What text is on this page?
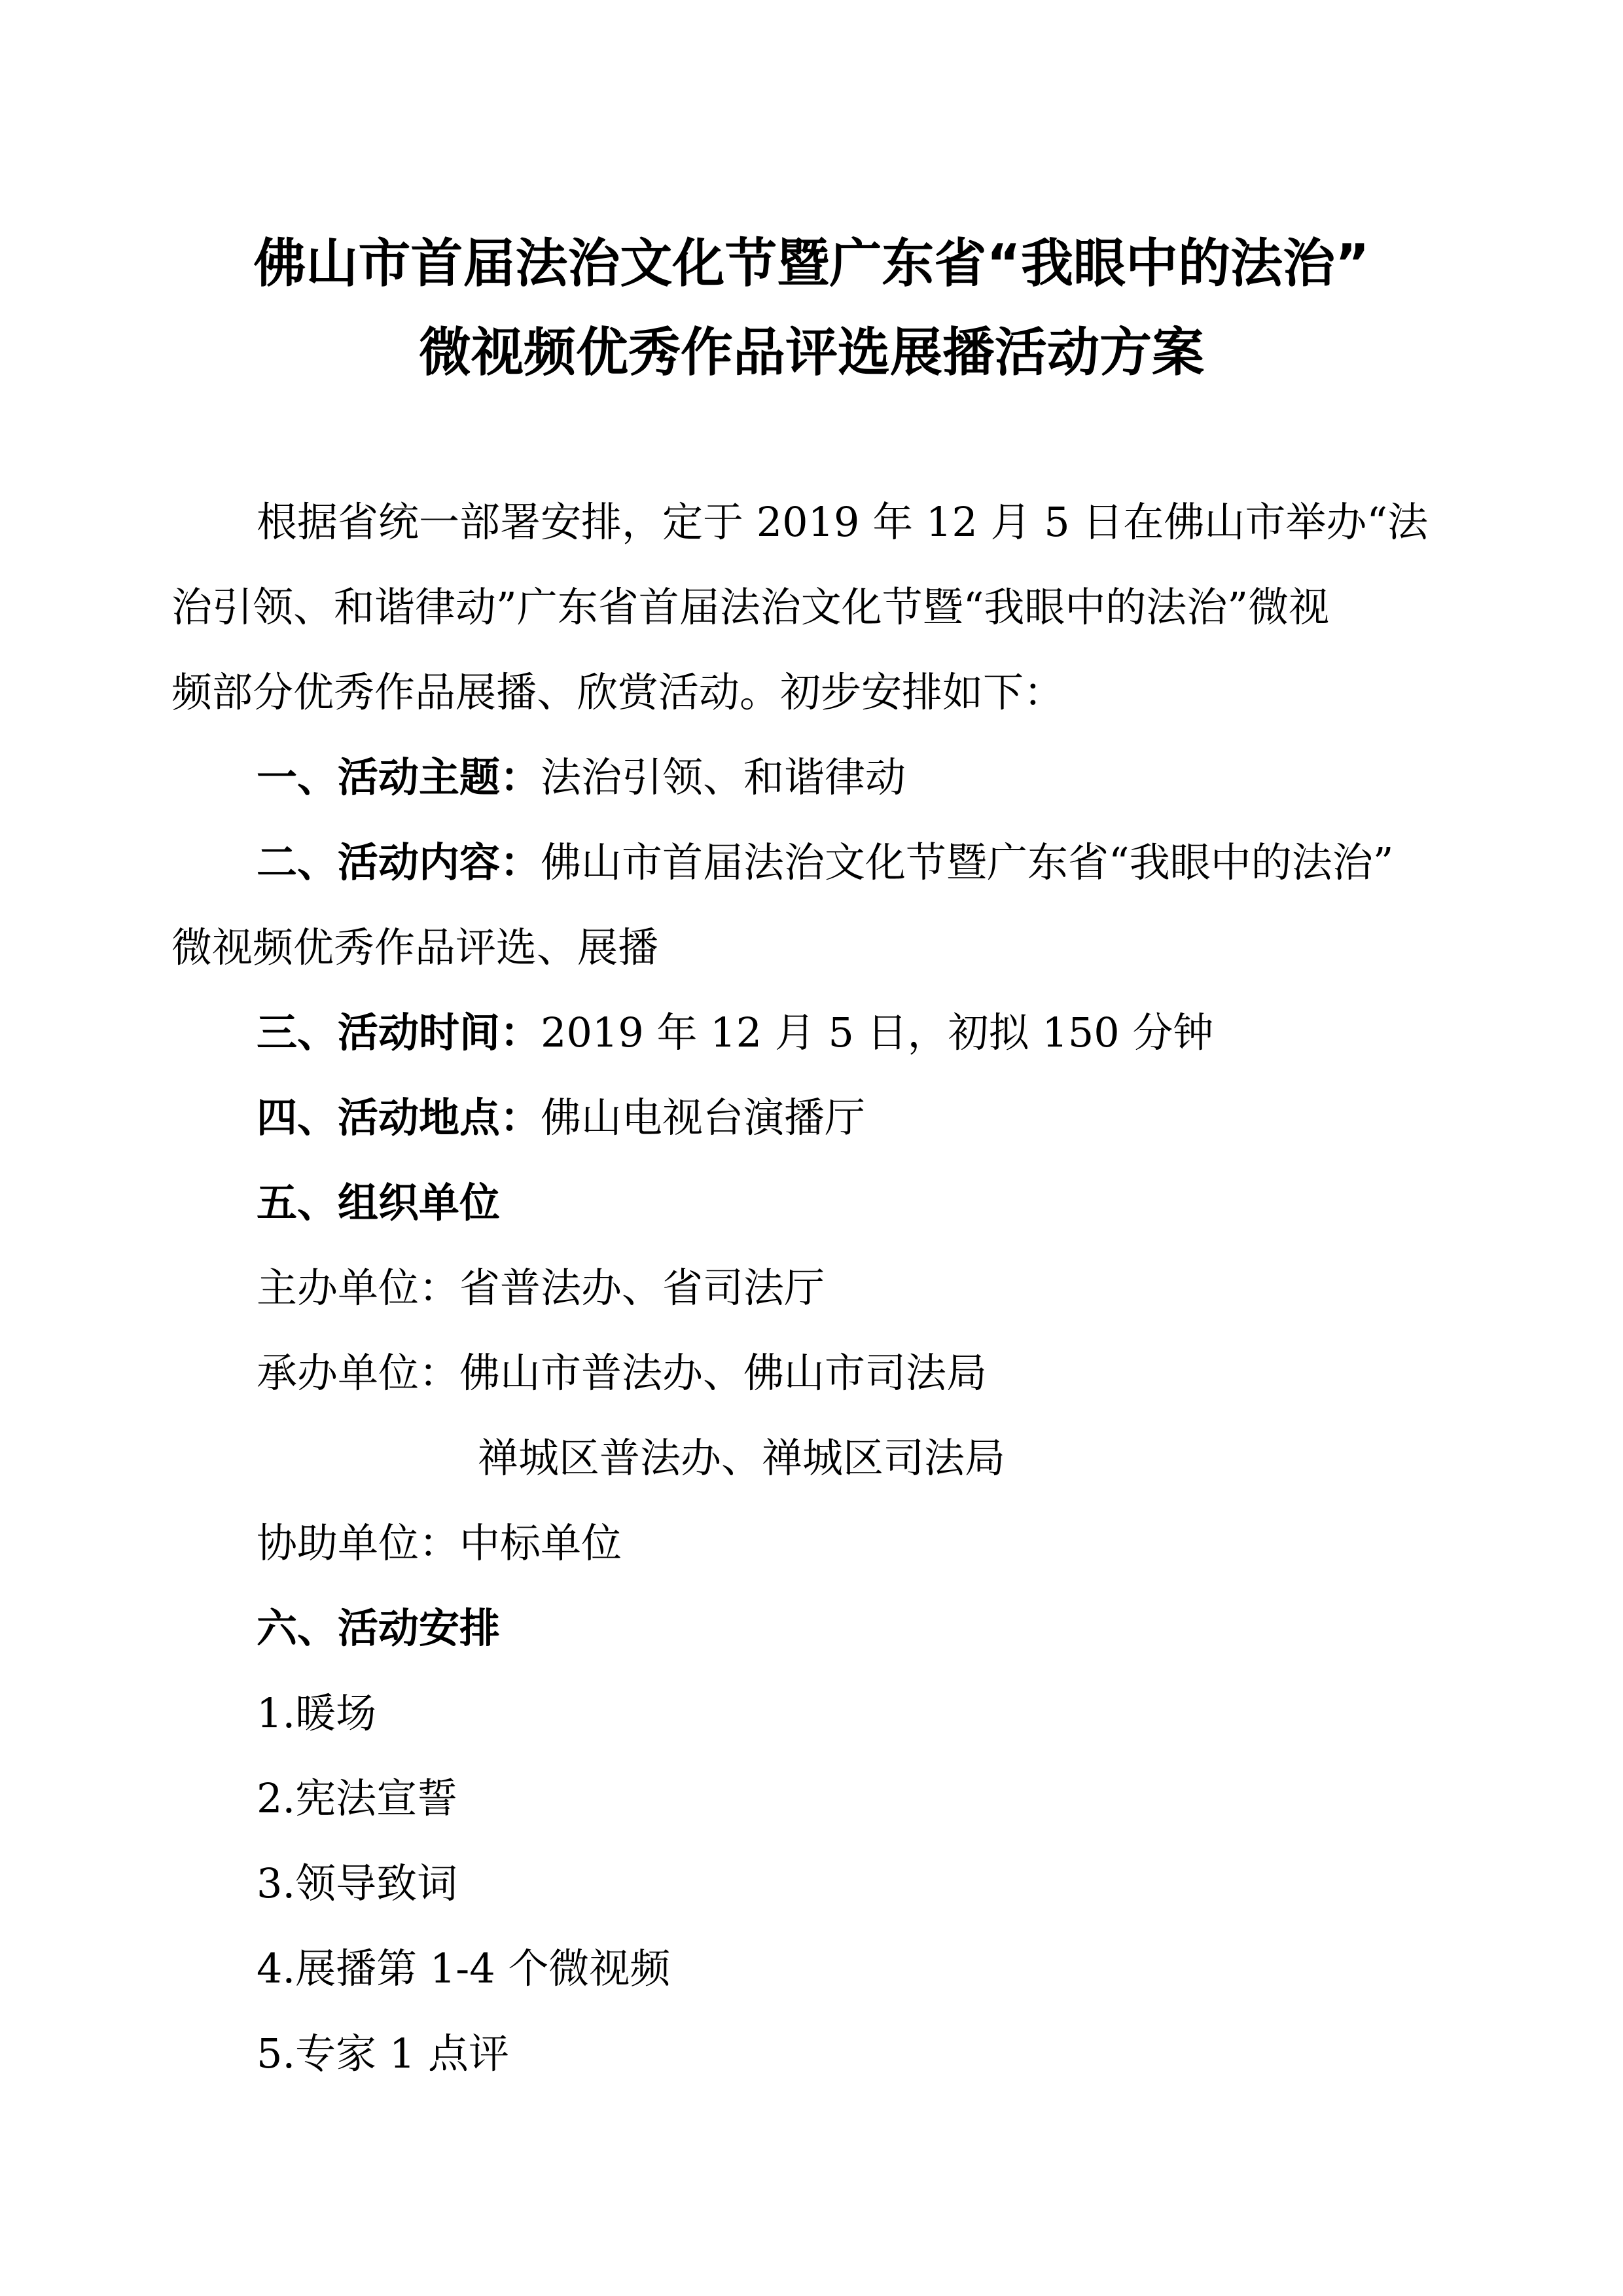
佛山市首届法治文化节暨广东省“我眼中的法治”
微视频优秀作品评选展播活动方案
根据省统一部署安排，定于 2019 年 12 月 5 日在佛山市举办“法
治引领、和谐律动”广东省首届法治文化节暨“我眼中的法治”微视
频部分优秀作品展播、欣赏活动。初步安排如下：
一、活动主题：法治引领、和谐律动
二、活动内容：佛山市首届法治文化节暨广东省“我眼中的法治”
微视频优秀作品评选、展播
三、活动时间：2019 年 12 月 5 日，初拟 150 分钟
四、活动地点：佛山电视台演播厅
五、组织单位
主办单位：省普法办、省司法厅
承办单位：佛山市普法办、佛山市司法局
禅城区普法办、禅城区司法局
协助单位：中标单位
六、活动安排
1.暖场
2.宪法宣誓
3.领导致词
4.展播第 1-4 个微视频
5.专家 1 点评
